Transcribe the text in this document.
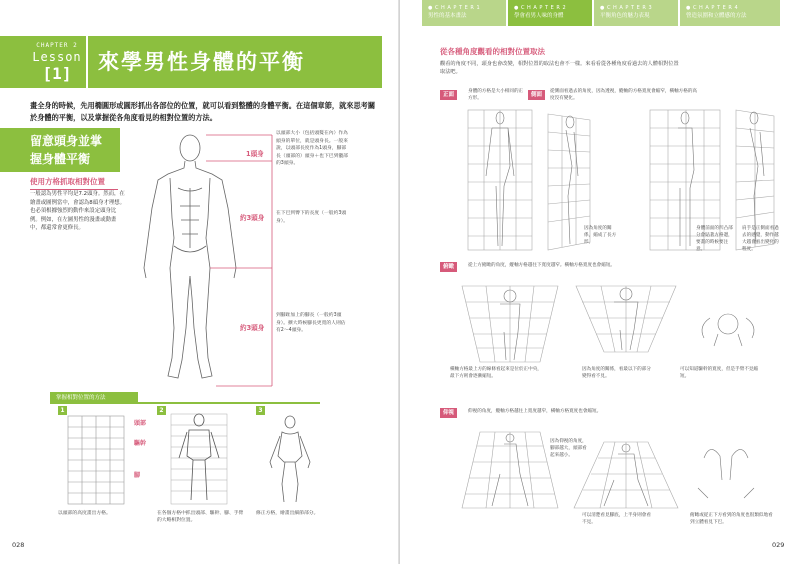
CHAPTER 2
Lesson
[1]	來學男性身體的平衡
畫全身的時候，先用橢圓形或圓形抓出各部位的位置，就可以看到整體的身體平衡。在這個章節，就來思考關於身體的平衡，以及掌握從各角度看見的相對位置的方法。
留意頭身並掌
握身體平衡
使用方格抓取相對位置
一般認為男性平均是7.2頭身。然而，在繪畫或圖例當中，會認為8頭身才理想。也必須根據強烈的動作來設定頭身比例。例如，在左圖男性的漫畫或動畫中，都還常會更修長。
以頭部大小（包括頭髮在內）作為頭身的單位，就是頭身長。一般來說，以頭部長度作為1頭身，腳部長（頭部的）頭身＋也下巴到髖部的3頭身。
在下巴到臀下的長度（一般約3頭身）。
到腳趾加上的腳長（一般約3頭身）。擴大時候腳長更寬的人則佔有2～4頭身。
1頭身
約3頭身
約3頭身
掌握相對位置的方法
1
頭部
驅幹
腳
以頭部的高度畫出方格。
2
在各個方格中抓出頭部、驅幹、腳、手臂的大略相對位置。
3
修正方格，繪畫出細節部分。
028
● C H A P T E R 1
男性的基本畫法
● C H A P T E R 2
學會看男人味的身體
● C H A P T E R 3
平衡角色的魅力表現
● C H A P T E R 4
營造氛圍和立體感的方法
從各種角度觀看的相對位置取法
觀看的角度不同，頭身也會改變，相對位置的取法也會不一樣。來看看從各種角度看過去的人體相對位置取法吧。
正面
身體的方格是大小相同的正方形。
側面
從側面看過去的角度，因為透視，縱軸的方格寬度會縮窄，橫軸方格的高度沒有變化。
因為角度的關係，縮成了長方形。
身體前面的凹凸部分會貼著方格邊，要畫的時候要注意。
肩手是正側面看過去的感覺，動作越大越會看出變化的程度。
俯瞰	從上方俯瞰的角度，縱軸方格越往下寬度越窄。橫軸方格寬度也會縮短。
橫軸方格最上方的線條看起來是位於正中央，最下方則會逐漸縮短。
因為角度的關係，看最以下的部分變得看不見。
可以知道驅幹的寬度，但是手臂不見縮短。
仰視	仰視的角度，縱軸方格越往上寬度越窄，橫軸方格寬度也會縮短。
因為仰視的角度，腳部越大，頭部看起來越小。
可以清楚看見腳底，上半身則會看不見。
俯瞰或從正下方看到的角度也很類似地看到立體看見下巴。
029
